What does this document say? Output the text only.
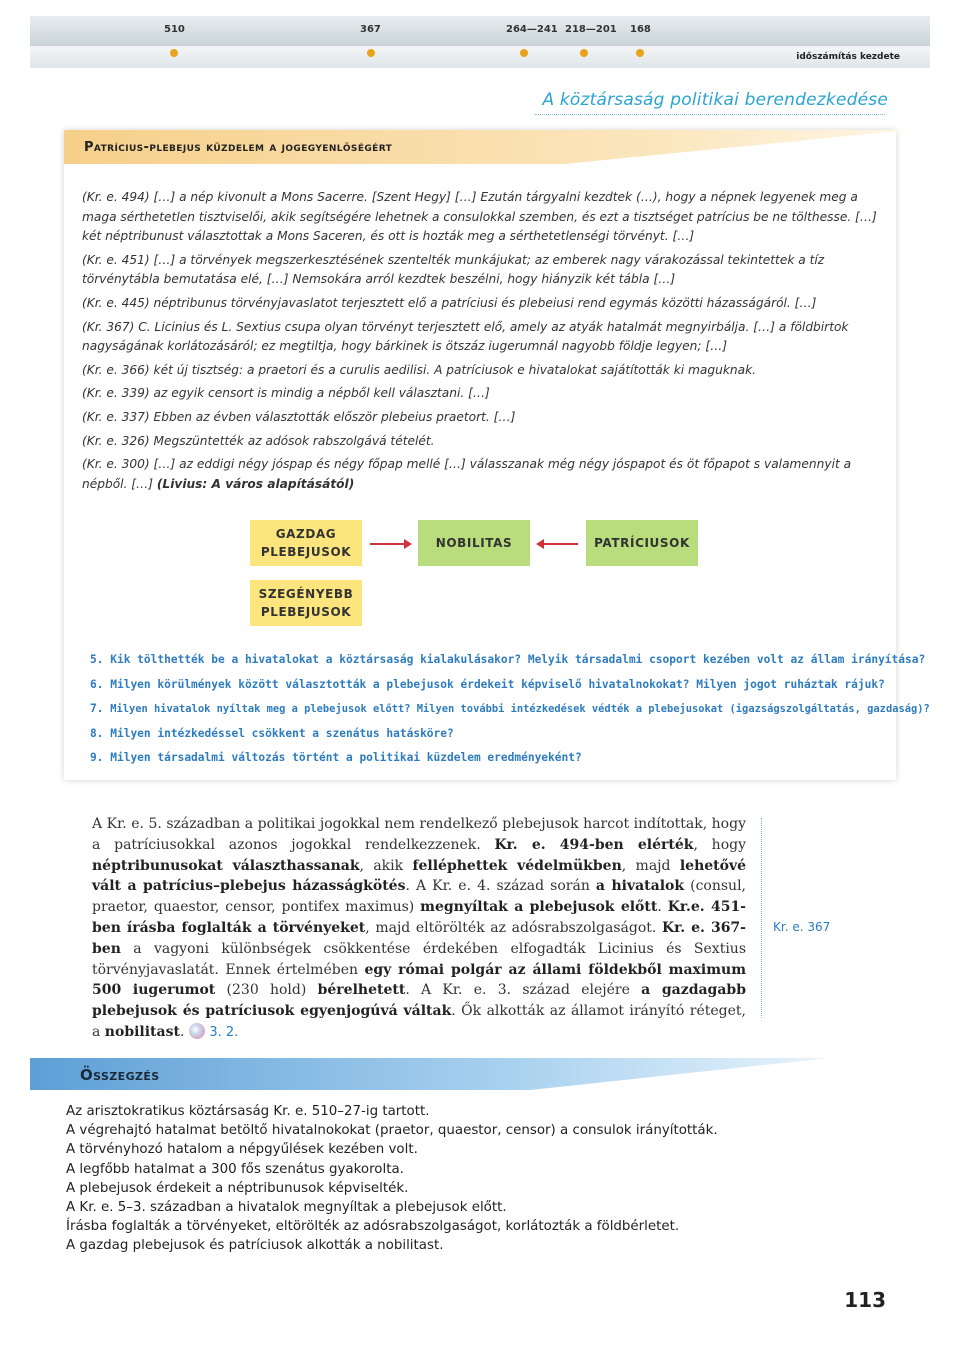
510	367	264—241 218—201 168
időszámítás kezdete
A köztársaság politikai berendezkedése

(Kr. e. 494) […] a nép kivonult a Mons Sacerre. [Szent Hegy] […] Ezután tárgyalni kezdtek (…), hogy a népnek legyenek meg a maga sérthetetlen tisztviselői, akik segítségére lehetnek a consulokkal szemben, és ezt a tisztséget patrícius be ne tölthesse. […] két néptribunust választottak a Mons Saceren, és ott is hozták meg a sérthetetlenségi törvényt. […]

(Kr. e. 451) […] a törvények megszerkesztésének szentelték munkájukat; az emberek nagy várakozással tekintettek a tíz törvénytábla bemutatása elé, […] Nemsokára arról kezdtek beszélni, hogy hiányzik két tábla […]

(Kr. e. 445) néptribunus törvényjavaslatot terjesztett elő a patríciusi és plebeiusi rend egymás közötti házasságáról. […]

(Kr. 367) C. Licinius és L. Sextius csupa olyan törvényt terjesztett elő, amely az atyák hatalmát megnyirbálja. […] a földbirtok nagyságának korlátozásáról; ez megtiltja, hogy bárkinek is ötszáz iugerumnál nagyobb földje legyen; […]

(Kr. e. 366) két új tisztség: a praetori és a curulis aedilisi. A patríciusok e hivatalokat sajátították ki maguknak.

(Kr. e. 339) az egyik censort is mindig a népből kell választani. […]

(Kr. e. 337) Ebben az évben választották először plebeius praetort. […]

(Kr. e. 326) Megszüntették az adósok rabszolgává tételét.

(Kr. e. 300) […] az eddigi négy jóspap és négy főpap mellé […] válasszanak még négy jóspapot és öt főpapot s valamennyit a népből. […] (Livius: A város alapításától)

GAZDAG PLEBEJUSOK
NOBILITAS	PATRÍCIUSOK
SZEGÉNYEBB PLEBEJUSOK
5. Kik tölthették be a hivatalokat a köztársaság kialakulásakor? Melyik társadalmi csoport kezében volt az állam irányítása?
6. Milyen körülmények között választották a plebejusok érdekeit képviselő hivatalnokokat? Milyen jogot ruháztak rájuk?
7. Milyen hivatalok nyíltak meg a plebejusok előtt? Milyen további intézkedések védték a plebejusokat (igazságszolgáltatás, gazdaság)?
8. Milyen intézkedéssel csökkent a szenátus hatásköre?
9. Milyen társadalmi változás történt a politikai küzdelem eredményeként?
Patrícius-plebejus küzdelem a jogegyenlőségért
A Kr. e. 5. században a politikai jogokkal nem rendelkező plebejusok harcot indítottak, hogy a patríciusokkal azonos jogokkal rendelkezzenek. Kr. e. 494-ben elérték, hogy néptribunusokat választhassanak, akik felléphettek védelmükben, majd lehetővé vált a patrícius–plebejus házasságkötés. A Kr. e. 4. század során a hivatalok (consul, praetor, quaestor, censor, pontifex maximus) megnyíltak a plebejusok előtt. Kr.e. 451-ben írásba foglalták a törvényeket, majd eltörölték az adósrabszolgaságot. Kr. e. 367-ben a vagyoni különbségek csökkentése érdekében elfogadták Licinius és Sextius törvényjavaslatát. Ennek értelmében egy római polgár az állami földekből maximum 500 iugerumot (230 hold) bérelhetett. A Kr. e. 3. század elejére a gazdagabb plebejusok és patríciusok egyenjogúvá váltak. Ők alkották az államot irányító réteget, a nobilitast.  3. 2.
Kr. e. 367
Összegzés
Az arisztokratikus köztársaság Kr. e. 510–27-ig tartott.
A végrehajtó hatalmat betöltő hivatalnokokat (praetor, quaestor, censor) a consulok irányították.
A törvényhozó hatalom a népgyűlések kezében volt.
A legfőbb hatalmat a 300 fős szenátus gyakorolta.
A plebejusok érdekeit a néptribunusok képviselték.
A Kr. e. 5–3. században a hivatalok megnyíltak a plebejusok előtt.
Írásba foglalták a törvényeket, eltörölték az adósrabszolgaságot, korlátozták a földbérletet.
A gazdag plebejusok és patríciusok alkották a nobilitast.
113
